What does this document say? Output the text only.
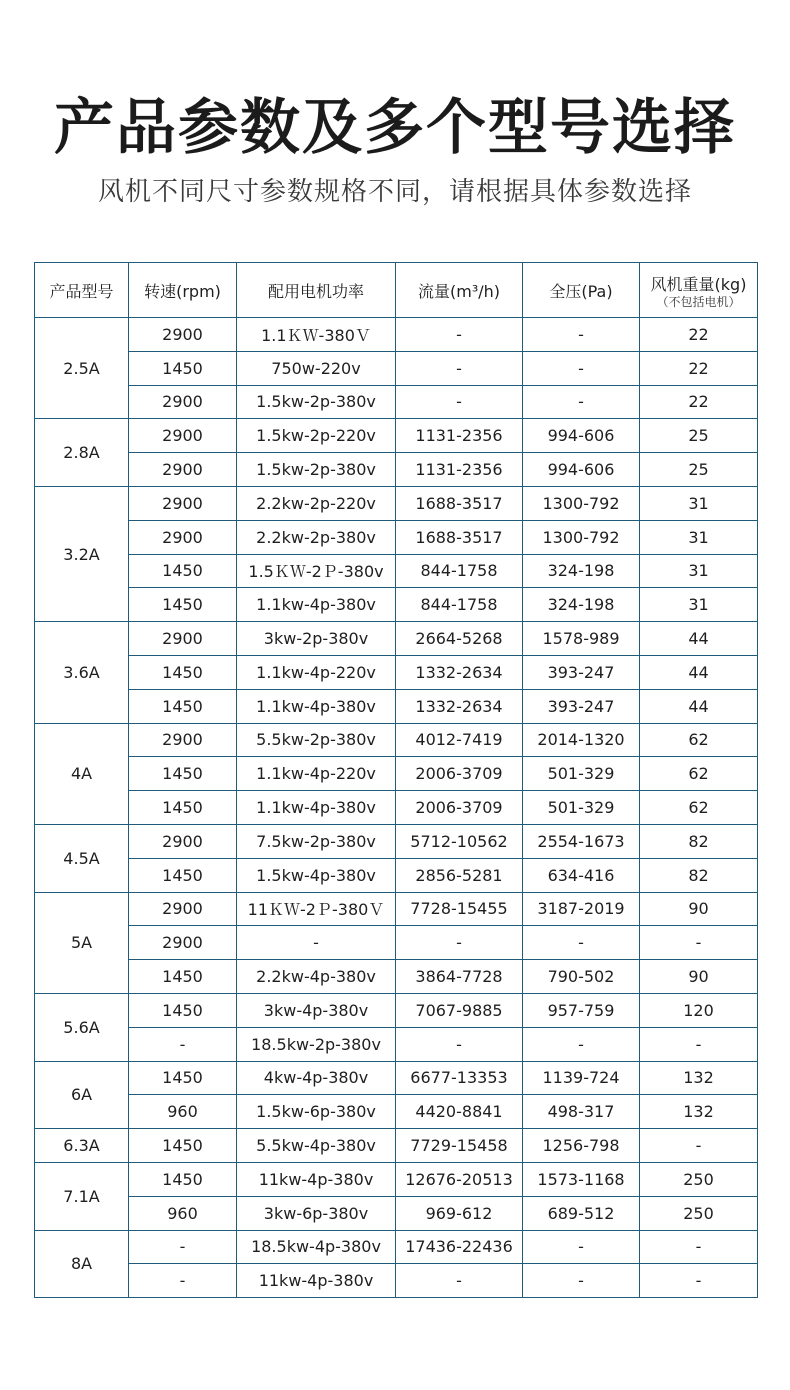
产品参数及多个型号选择
风机不同尺寸参数规格不同，请根据具体参数选择
产品型号	转速(rpm)	配用电机功率	流量(m³/h)	全压(Pa)	风机重量(kg)
（不包括电机）

2.5A	2900	1.1ＫＷ-380Ｖ	-	-	22
	1450	750w-220v	-	-	22
	2900	1.5kw-2p-380v	-	-	22
2.8A	2900	1.5kw-2p-220v	1131-2356	994-606	25
	2900	1.5kw-2p-380v	1131-2356	994-606	25
3.2A	2900	2.2kw-2p-220v	1688-3517	1300-792	31
	2900	2.2kw-2p-380v	1688-3517	1300-792	31
	1450	1.5ＫＷ-2Ｐ-380v	844-1758	324-198	31
	1450	1.1kw-4p-380v	844-1758	324-198	31
3.6A	2900	3kw-2p-380v	2664-5268	1578-989	44
	1450	1.1kw-4p-220v	1332-2634	393-247	44
	1450	1.1kw-4p-380v	1332-2634	393-247	44
4A	2900	5.5kw-2p-380v	4012-7419	2014-1320	62
	1450	1.1kw-4p-220v	2006-3709	501-329	62
	1450	1.1kw-4p-380v	2006-3709	501-329	62
4.5A	2900	7.5kw-2p-380v	5712-10562	2554-1673	82
	1450	1.5kw-4p-380v	2856-5281	634-416	82
5A	2900	11ＫＷ-2Ｐ-380Ｖ	7728-15455	3187-2019	90
	2900	-	-	-	-
	1450	2.2kw-4p-380v	3864-7728	790-502	90
5.6A	1450	3kw-4p-380v	7067-9885	957-759	120
	-	18.5kw-2p-380v	-	-	-
6A	1450	4kw-4p-380v	6677-13353	1139-724	132
	960	1.5kw-6p-380v	4420-8841	498-317	132
6.3A	1450	5.5kw-4p-380v	7729-15458	1256-798	-
7.1A	1450	11kw-4p-380v	12676-20513	1573-1168	250
	960	3kw-6p-380v	969-612	689-512	250
8A	-	18.5kw-4p-380v	17436-22436	-	-
	-	11kw-4p-380v	-	-	-
